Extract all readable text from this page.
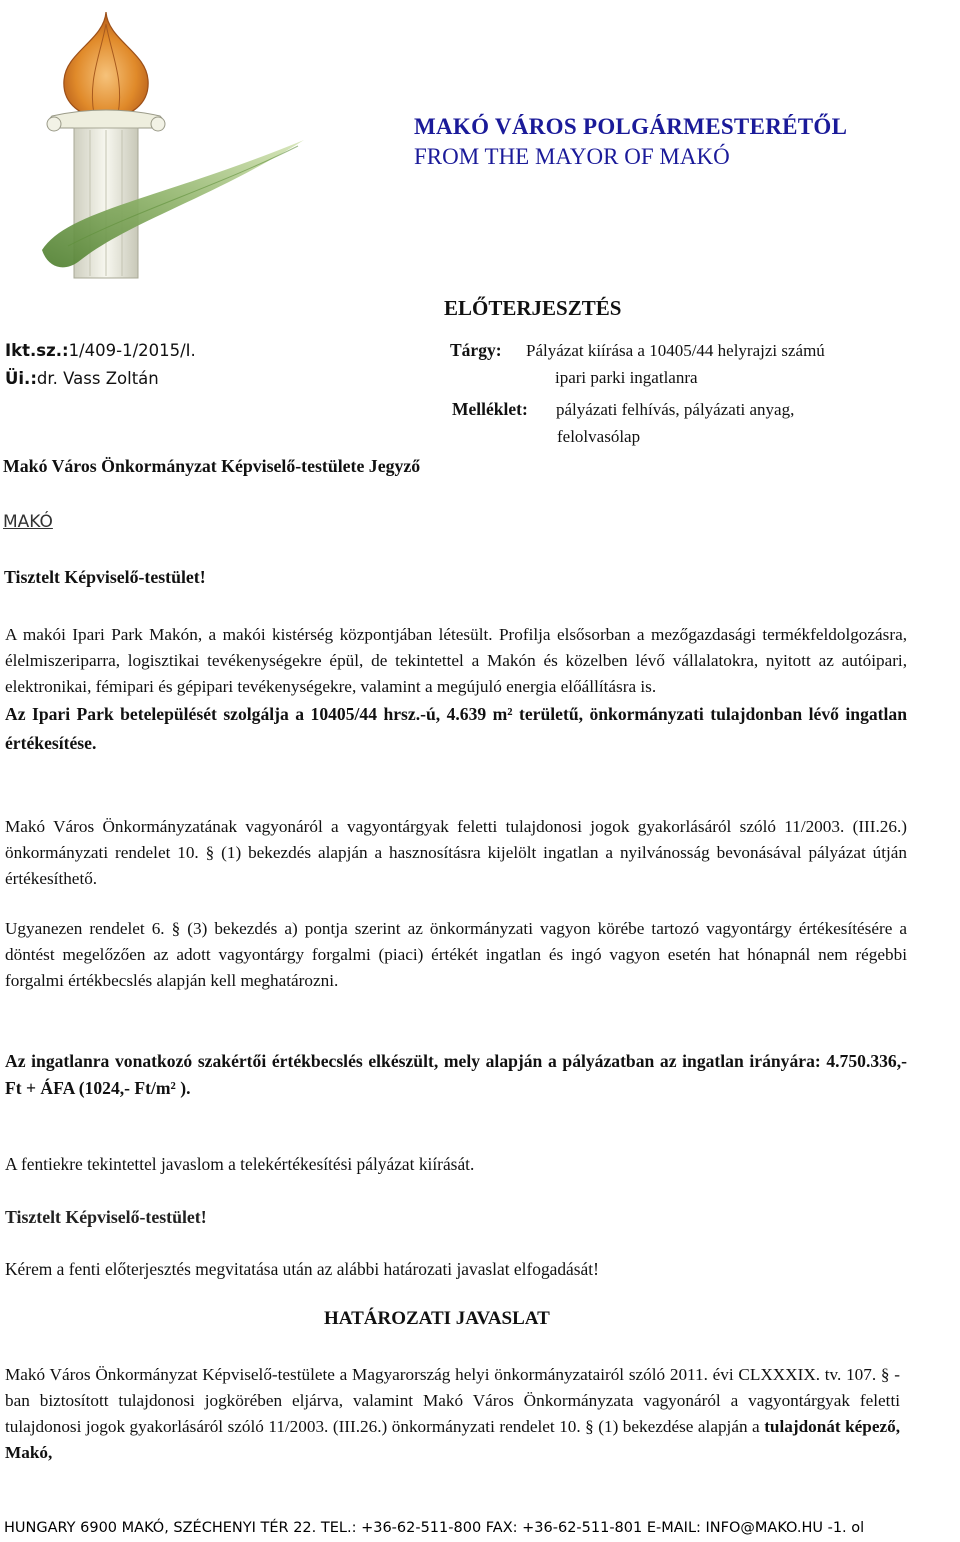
MAKÓ VÁROS POLGÁRMESTERÉTŐL
FROM THE MAYOR OF MAKÓ
ELŐTERJESZTÉS
Ikt.sz.:1/409-1/2015/I.
Üi.:dr. Vass Zoltán
Tárgy: Pályázat kiírása a 10405/44 helyrajzi számú
ipari parki ingatlanra
Melléklet: pályázati felhívás, pályázati anyag,
felolvasólap
Makó Város Önkormányzat Képviselő-testülete Jegyző
MAKÓ
Tisztelt Képviselő-testület!

A makói Ipari Park Makón, a makói kistérség központjában létesült. Profilja elsősorban a mezőgazdasági termékfeldolgozásra, élelmiszeriparra, logisztikai tevékenységekre épül, de tekintettel a Makón és közelben lévő vállalatokra, nyitott az autóipari, elektronikai, fémipari és gépipari tevékenységekre, valamint a megújuló energia előállításra is.

Az Ipari Park betelepülését szolgálja a 10405/44 hrsz.-ú, 4.639 m² területű, önkormányzati tulajdonban lévő ingatlan értékesítése.

Makó Város Önkormányzatának vagyonáról a vagyontárgyak feletti tulajdonosi jogok gyakorlásáról szóló 11/2003. (III.26.) önkormányzati rendelet 10. § (1) bekezdés alapján a hasznosításra kijelölt ingatlan a nyilvánosság bevonásával pályázat útján értékesíthető.

Ugyanezen rendelet 6. § (3) bekezdés a) pontja szerint az önkormányzati vagyon körébe tartozó vagyontárgy értékesítésére a döntést megelőzően az adott vagyontárgy forgalmi (piaci) értékét ingatlan és ingó vagyon esetén hat hónapnál nem régebbi forgalmi értékbecslés alapján kell meghatározni.

Az ingatlanra vonatkozó szakértői értékbecslés elkészült, mely alapján a pályázatban az ingatlan irányára: 4.750.336,- Ft + ÁFA (1024,- Ft/m² ).

A fentiekre tekintettel javaslom a telekértékesítési pályázat kiírását.
Tisztelt Képviselő-testület!
Kérem a fenti előterjesztés megvitatása után az alábbi határozati javaslat elfogadását!
HATÁROZATI JAVASLAT

Makó Város Önkormányzat Képviselő-testülete a Magyarország helyi önkormányzatairól szóló 2011. évi CLXXXIX. tv. 107. § -ban biztosított tulajdonosi jogkörében eljárva, valamint Makó Város Önkormányzata vagyonáról a vagyontárgyak feletti tulajdonosi jogok gyakorlásáról szóló 11/2003. (III.26.) önkormányzati rendelet 10. § (1) bekezdése alapján a tulajdonát képező, Makó,

HUNGARY 6900 MAKÓ, SZÉCHENYI TÉR 22. TEL.: +36-62-511-800 FAX: +36-62-511-801 E-MAIL: INFO@MAKO.HU -1. ol
